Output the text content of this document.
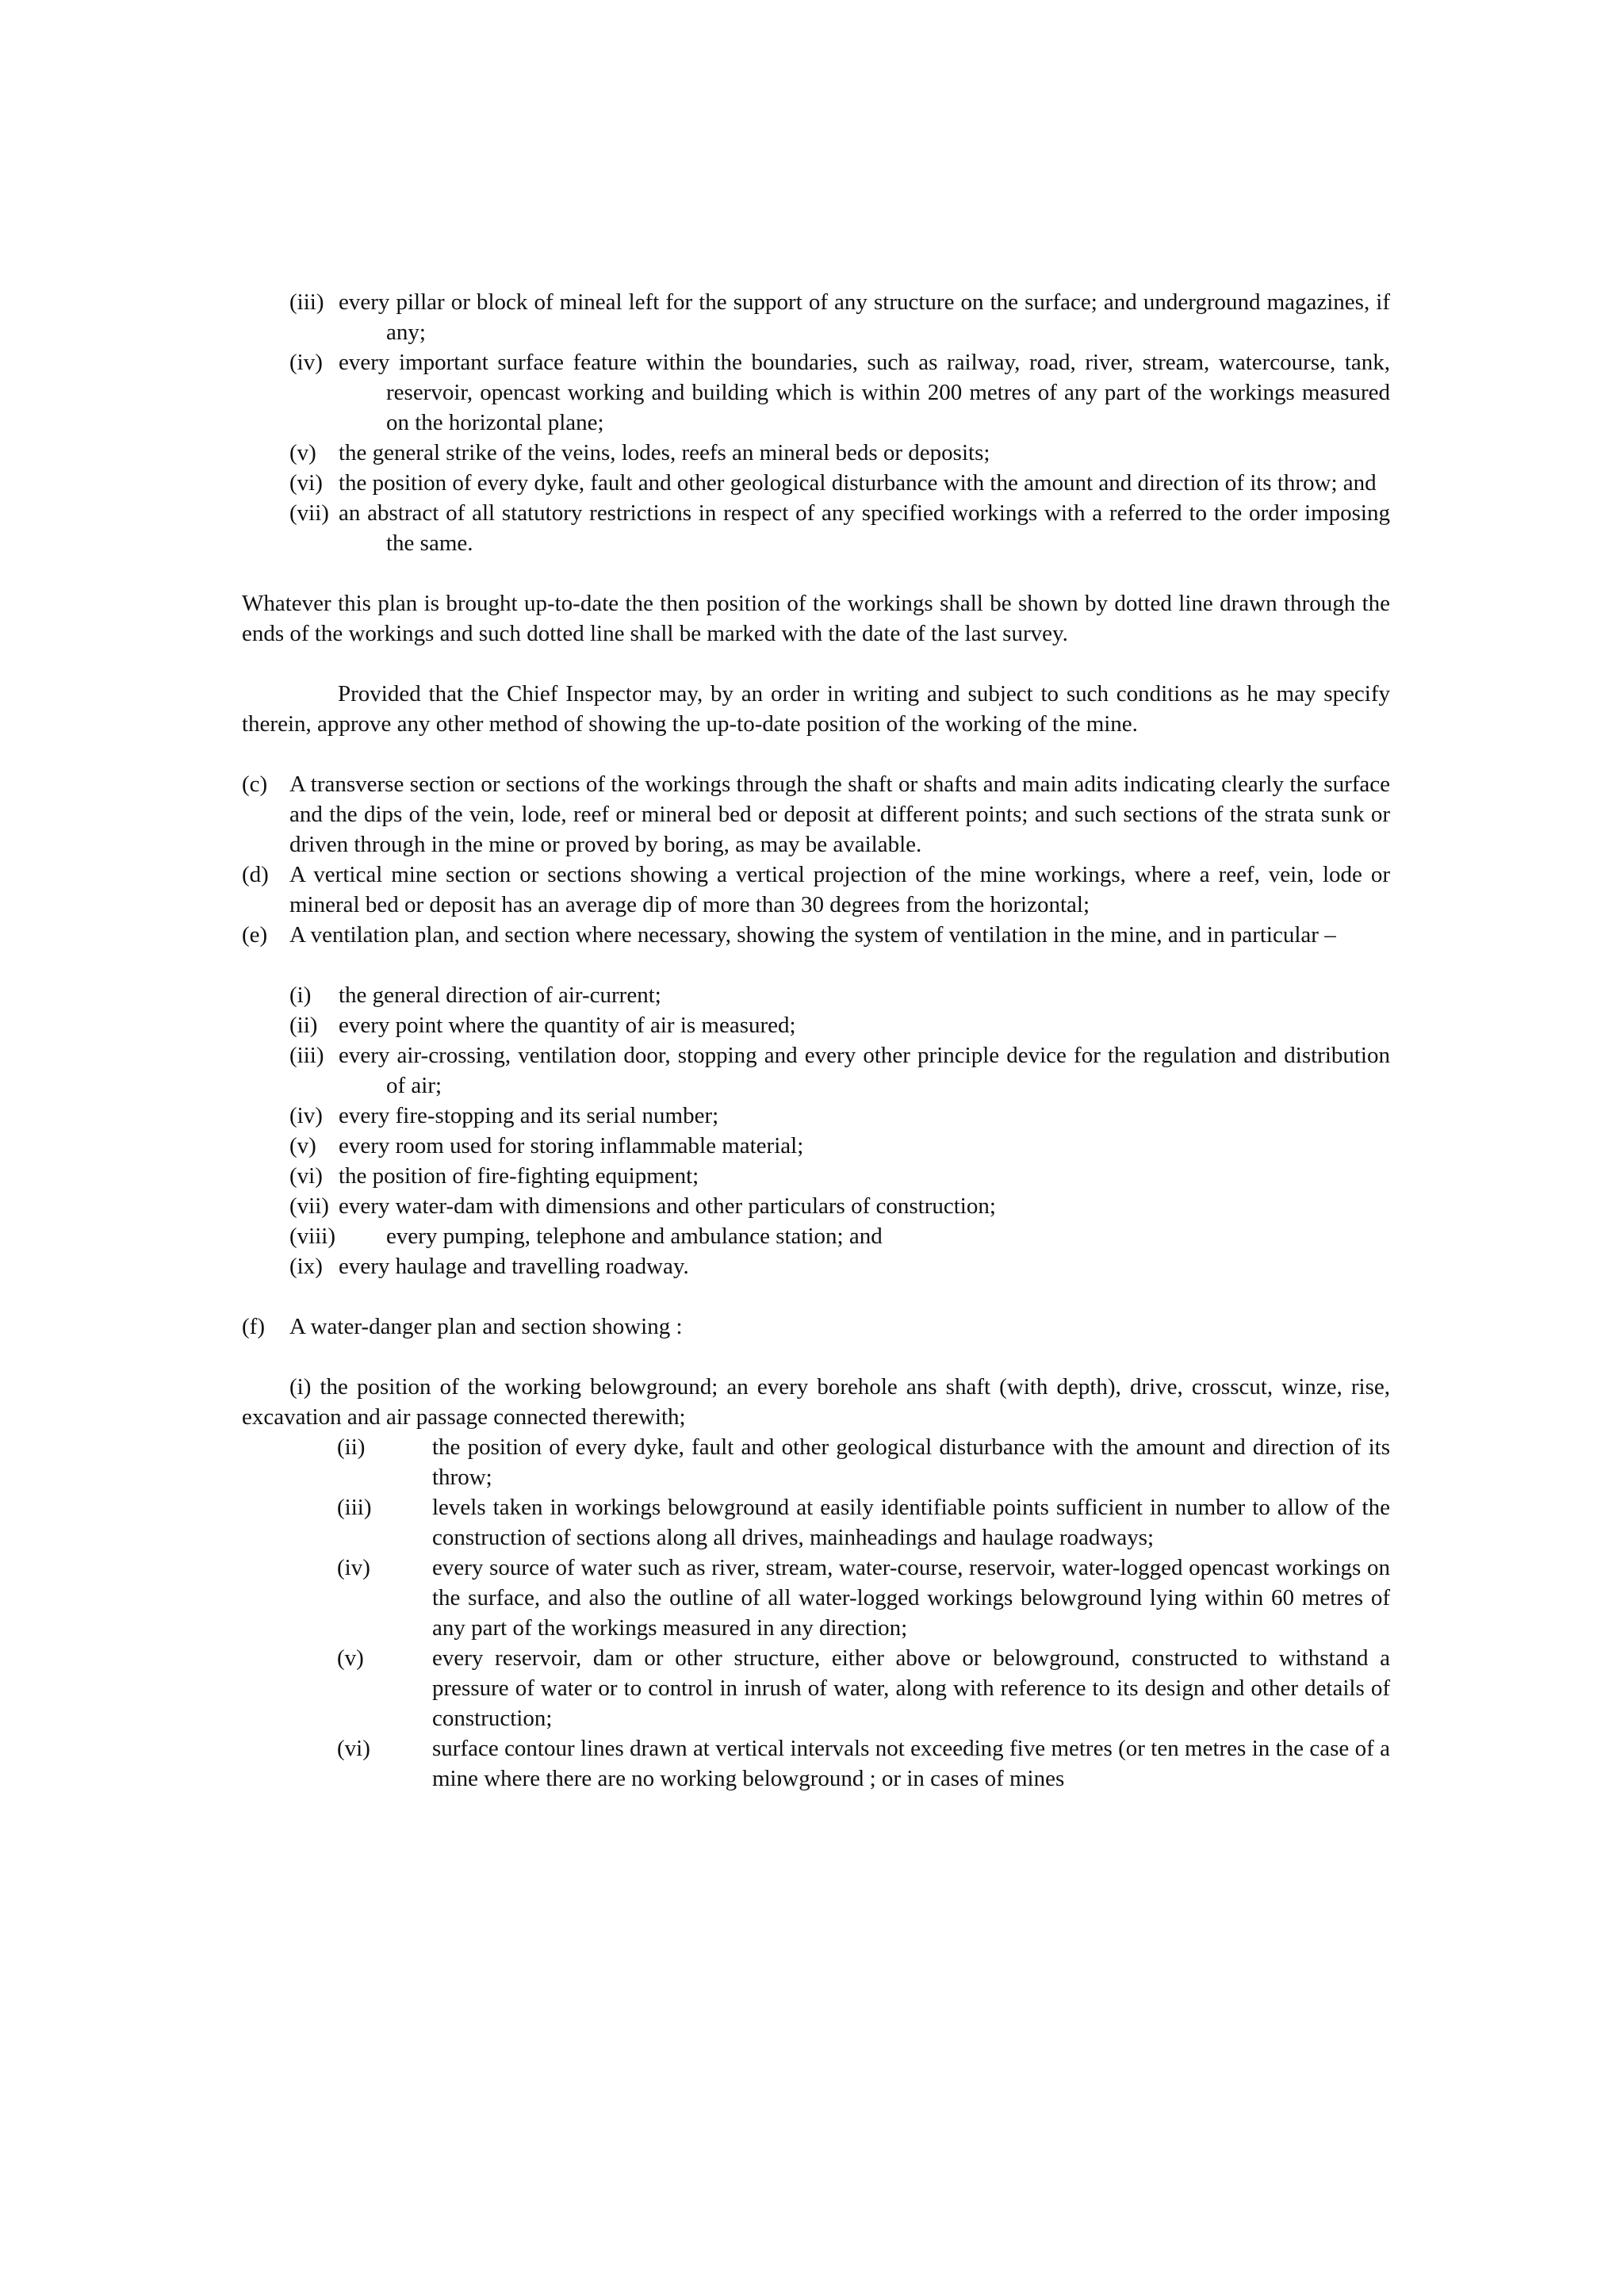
(iii) every pillar or block of mineal left for the support of any structure on the surface; and underground magazines, if any;
(iv) every important surface feature within the boundaries, such as railway, road, river, stream, watercourse, tank, reservoir, opencast working and building which is within 200 metres of any part of the workings measured on the horizontal plane;
(v) the general strike of the veins, lodes, reefs an mineral beds or deposits;
(vi) the position of every dyke, fault and other geological disturbance with the amount and direction of its throw; and
(vii) an abstract of all statutory restrictions in respect of any specified workings with a referred to the order imposing the same.

Whatever this plan is brought up-to-date the then position of the workings shall be shown by dotted line drawn through the ends of the workings and such dotted line shall be marked with the date of the last survey.

Provided that the Chief Inspector may, by an order in writing and subject to such conditions as he may specify therein, approve any other method of showing the up-to-date position of the working of the mine.

(c) A transverse section or sections of the workings through the shaft or shafts and main adits indicating clearly the surface and the dips of the vein, lode, reef or mineral bed or deposit at different points; and such sections of the strata sunk or driven through in the mine or proved by boring, as may be available.
(d) A vertical mine section or sections showing a vertical projection of the mine workings, where a reef, vein, lode or mineral bed or deposit has an average dip of more than 30 degrees from the horizontal;
(e) A ventilation plan, and section where necessary, showing the system of ventilation in the mine, and in particular –
(i) the general direction of air-current;
(ii) every point where the quantity of air is measured;
(iii) every air-crossing, ventilation door, stopping and every other principle device for the regulation and distribution of air;
(iv) every fire-stopping and its serial number;
(v) every room used for storing inflammable material;
(vi) the position of fire-fighting equipment;
(vii) every water-dam with dimensions and other particulars of construction;
(viii) every pumping, telephone and ambulance station; and
(ix) every haulage and travelling roadway.
(f) A water-danger plan and section showing :

(i) the position of the working belowground; an every borehole ans shaft (with depth), drive, crosscut, winze, rise, excavation and air passage connected therewith;

(ii)	the position of every dyke, fault and other geological disturbance with the amount and direction of its throw;
(iii)	levels taken in workings belowground at easily identifiable points sufficient in number to allow of the construction of sections along all drives, mainheadings and haulage roadways;
(iv)	every source of water such as river, stream, water-course, reservoir, water-logged opencast workings on the surface, and also the outline of all water-logged workings belowground lying within 60 metres of any part of the workings measured in any direction;
(v)	every reservoir, dam or other structure, either above or belowground, constructed to withstand a pressure of water or to control in inrush of water, along with reference to its design and other details of construction;
(vi)	surface contour lines drawn at vertical intervals not exceeding five metres (or ten metres in the case of a mine where there are no working belowground ; or in cases of mines
